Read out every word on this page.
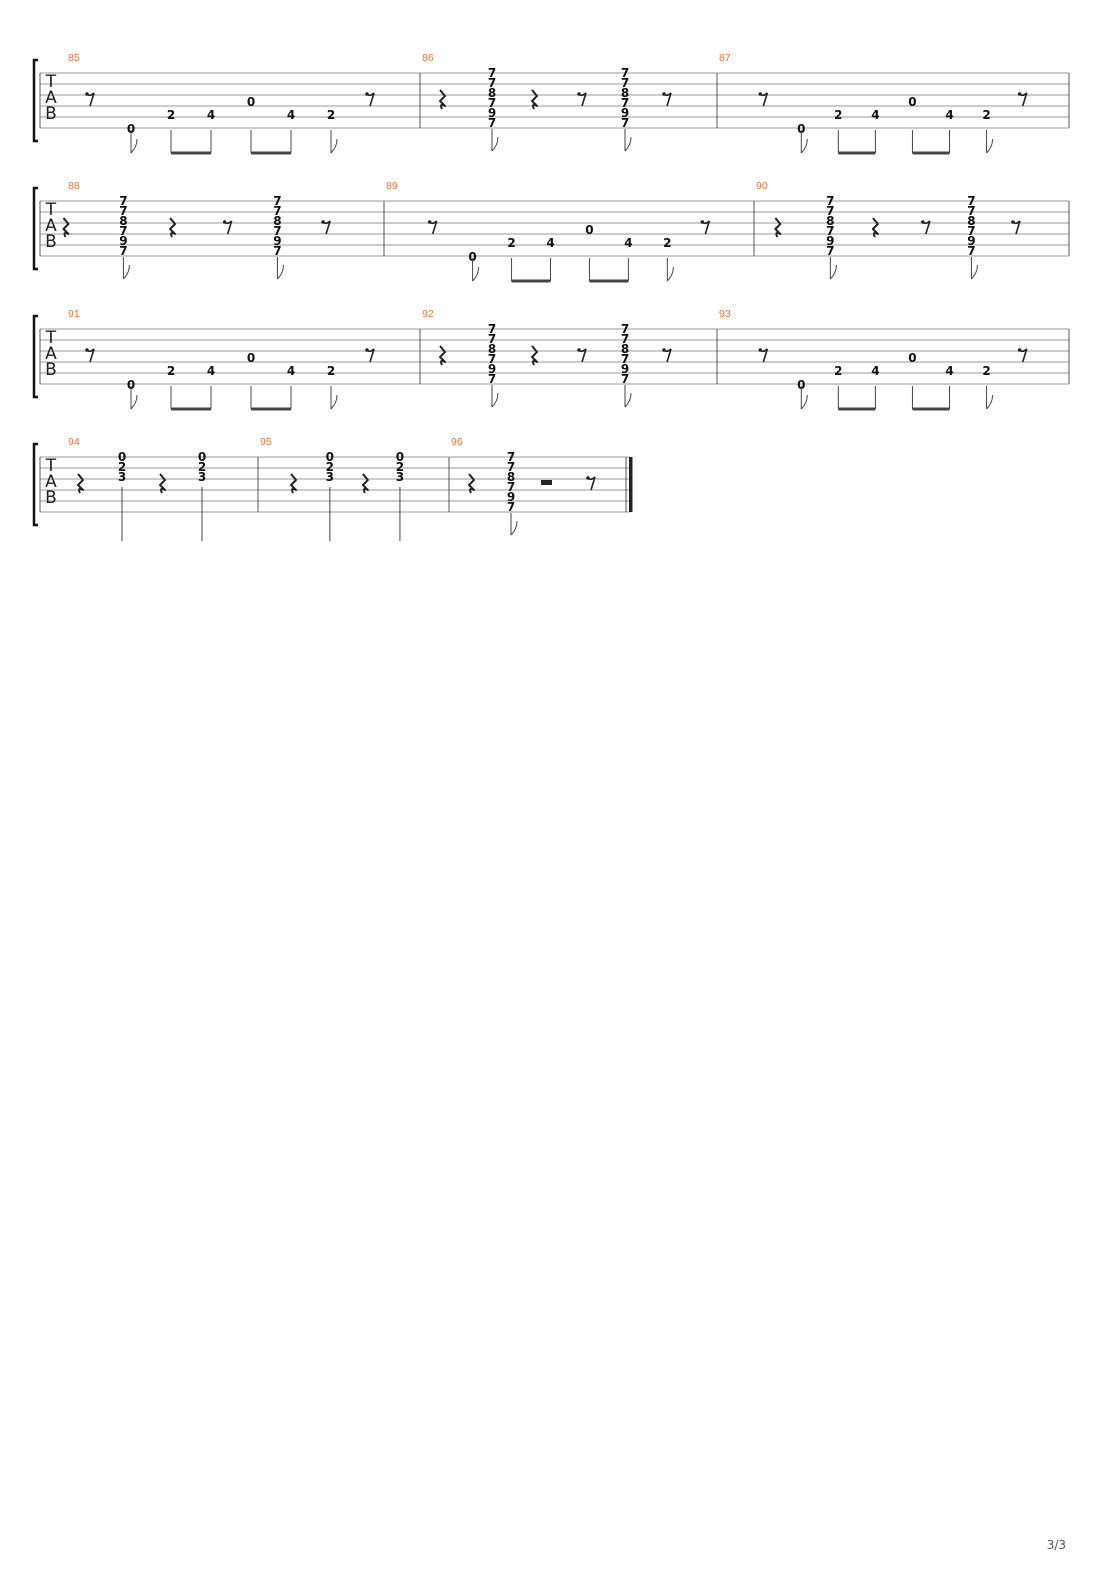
T
A
B
85
0
2	4
0
4	2
86
7
7
8
7
9
7
7
7
8
7
9
7
87
0
2 4
0
4 2
T
A
B
88
7
7
8
7
9
7
7
7
8
7
9
7
89
0
2	4
0
4	2
90
7
7
8
7
9
7
7
7
8
7
9
7
T
A
B
91
0
2	4
0
4	2
92
7
7
8
7
9
7
7
7
8
7
9
7
93
0
2 4
0
4 2
T
A
B
94
0
2
3
0
2
3
95
0
2
3
0
2
3
96
7
7
8
7
9
7
3/3
